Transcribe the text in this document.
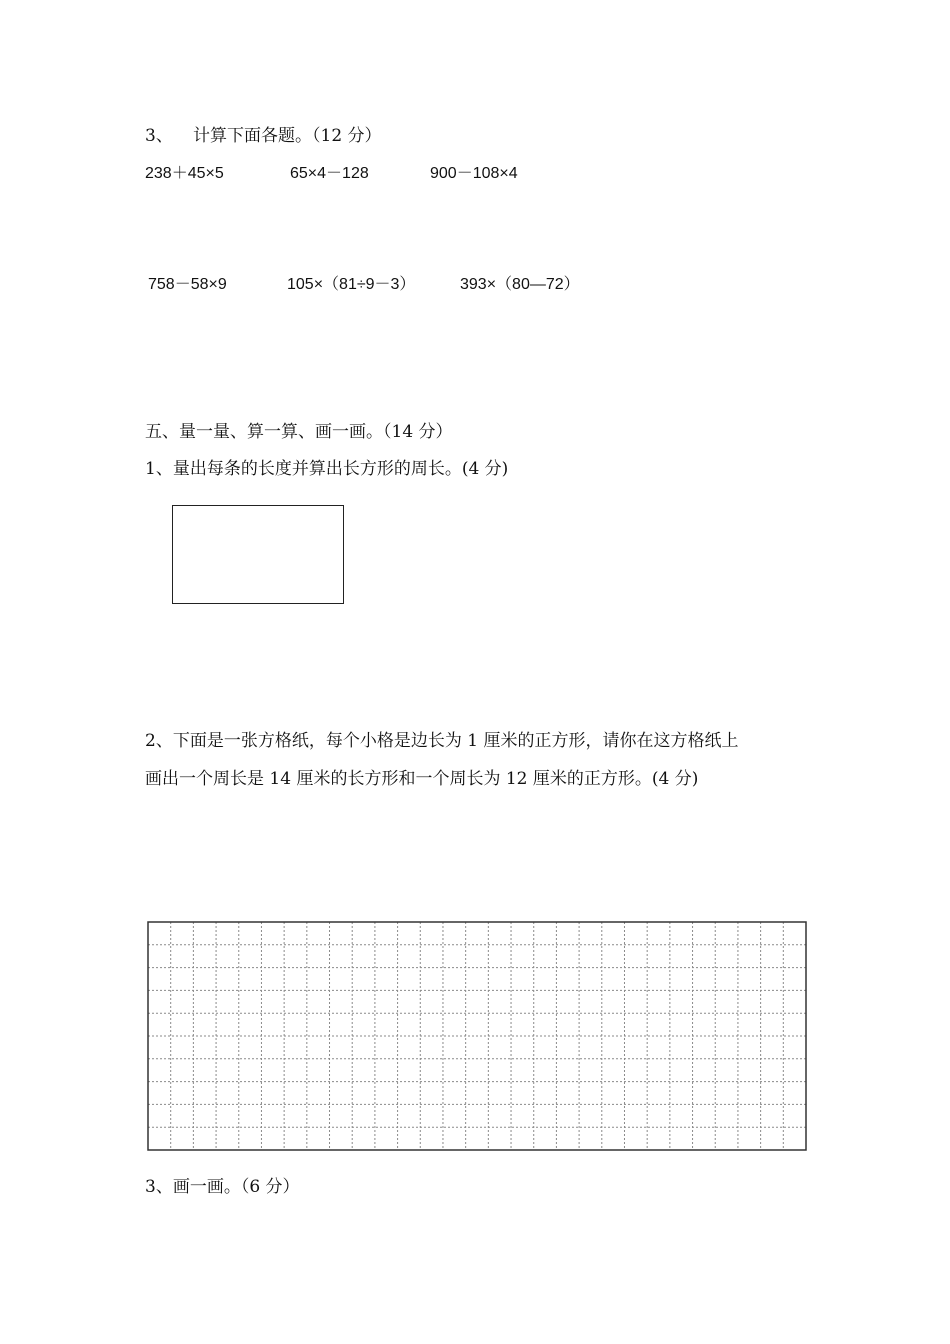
3、 计算下面各题。（12 分）
238＋45×5	65×4－128	900－108×4
758－58×9	105×（81÷9－3）	393×（80—72）
五、量一量、算一算、画一画。（14 分）
1、量出每条的长度并算出长方形的周长。(4 分)
2、下面是一张方格纸，每个小格是边长为 1 厘米的正方形，请你在这方格纸上
画出一个周长是 14 厘米的长方形和一个周长为 12 厘米的正方形。(4 分)
3、画一画。（6 分）
